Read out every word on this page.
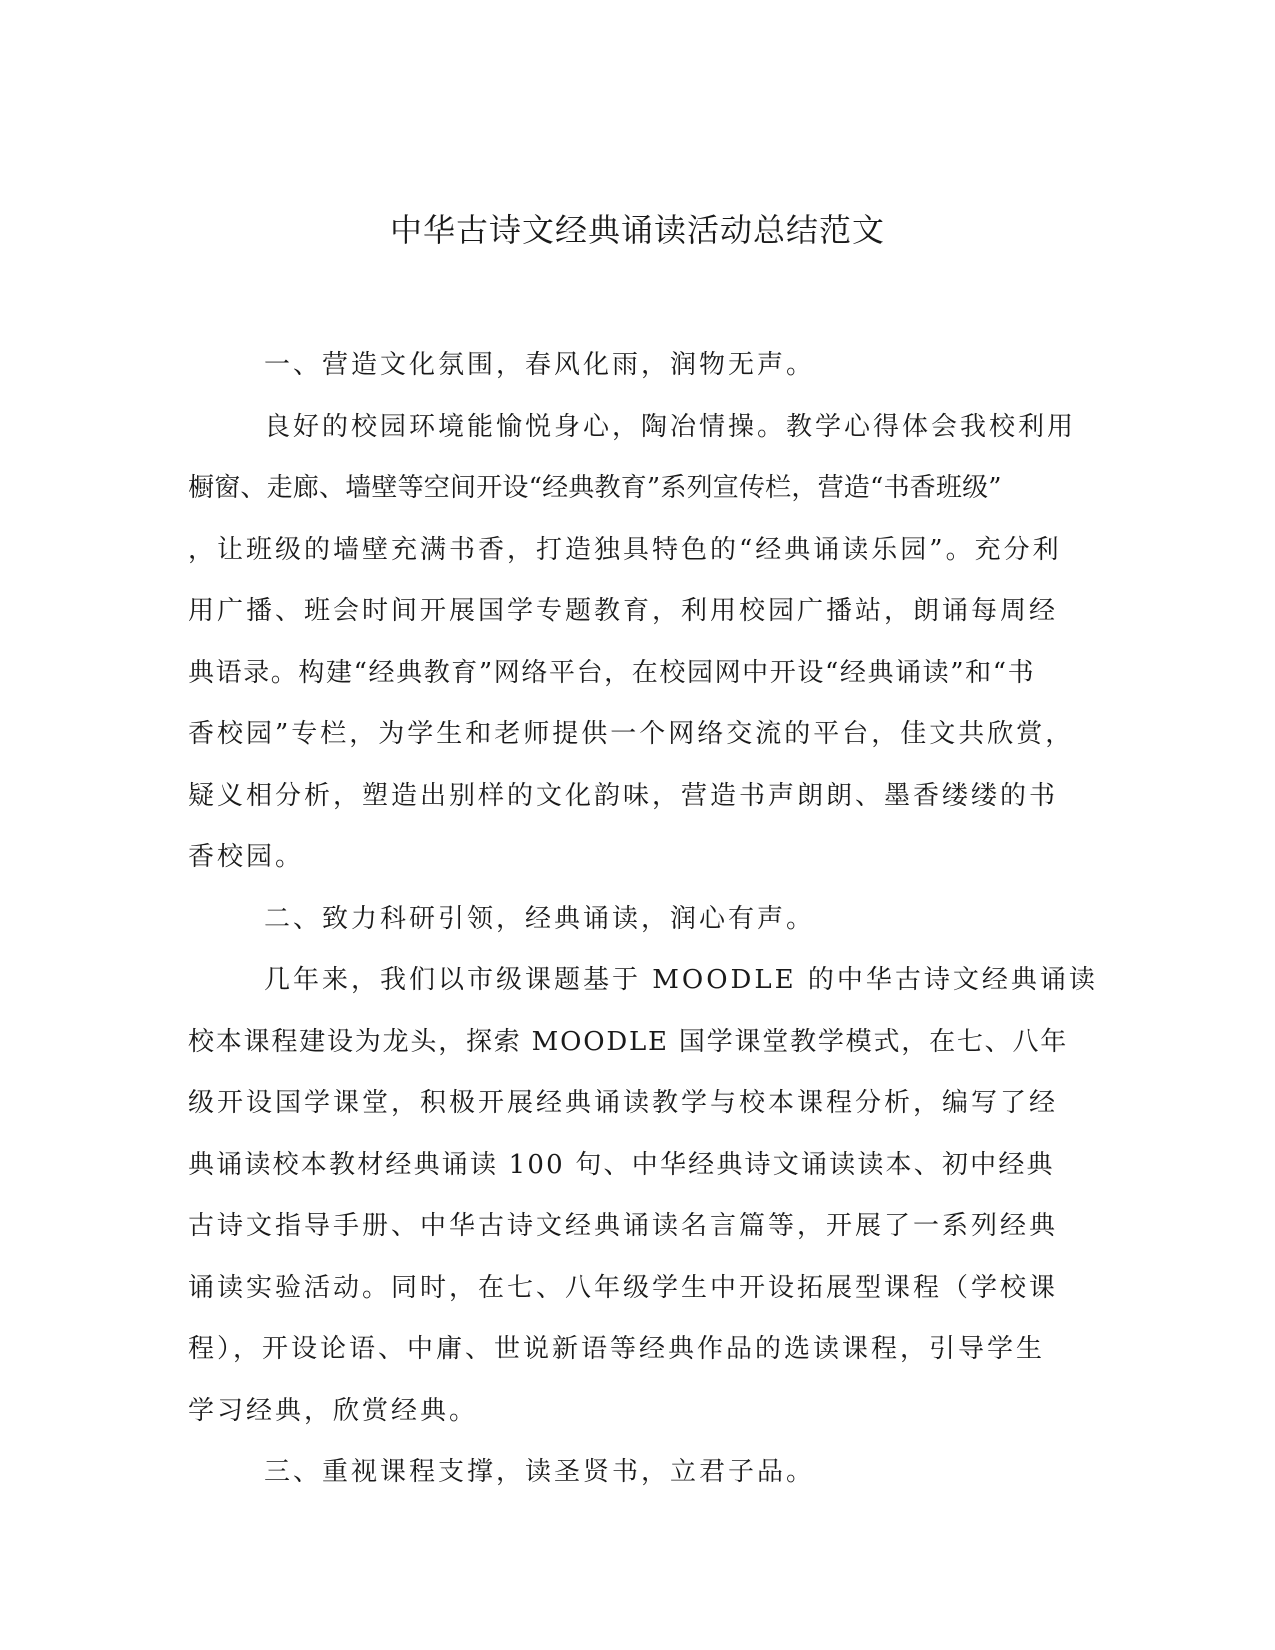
中华古诗文经典诵读活动总结范文

一、营造文化氛围，春风化雨，润物无声。

良好的校园环境能愉悦身心，陶冶情操。教学心得体会我校利用
橱窗、走廊、墙壁等空间开设“经典教育”系列宣传栏，营造“书香班级”
，让班级的墙壁充满书香，打造独具特色的“经典诵读乐园”。充分利
用广播、班会时间开展国学专题教育，利用校园广播站，朗诵每周经
典语录。构建“经典教育”网络平台，在校园网中开设“经典诵读”和“书
香校园”专栏，为学生和老师提供一个网络交流的平台，佳文共欣赏，
疑义相分析，塑造出别样的文化韵味，营造书声朗朗、墨香缕缕的书
香校园。

二、致力科研引领，经典诵读，润心有声。

几年来，我们以市级课题基于 MOODLE 的中华古诗文经典诵读
校本课程建设为龙头，探索 MOODLE 国学课堂教学模式，在七、八年
级开设国学课堂，积极开展经典诵读教学与校本课程分析，编写了经
典诵读校本教材经典诵读 100 句、中华经典诗文诵读读本、初中经典
古诗文指导手册、中华古诗文经典诵读名言篇等，开展了一系列经典
诵读实验活动。同时，在七、八年级学生中开设拓展型课程（学校课
程），开设论语、中庸、世说新语等经典作品的选读课程，引导学生
学习经典，欣赏经典。

三、重视课程支撑，读圣贤书，立君子品。
